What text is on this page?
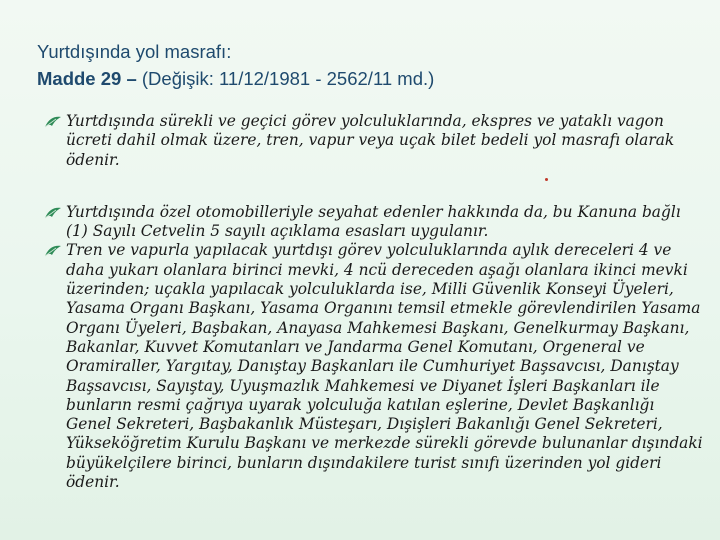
Yurtdışında yol masrafı:
Madde 29 – (Değişik: 11/12/1981 - 2562/11 md.)

Yurtdışında sürekli ve geçici görev yolculuklarında, ekspres ve yataklı vagon ücreti dahil olmak üzere, tren, vapur veya uçak bilet bedeli yol masrafı olarak ödenir.

Yurtdışında özel otomobilleriyle seyahat edenler hakkında da, bu Kanuna bağlı (1) Sayılı Cetvelin 5 sayılı açıklama esasları uygulanır.

Tren ve vapurla yapılacak yurtdışı görev yolculuklarında aylık dereceleri 4 ve daha yukarı olanlara birinci mevki, 4 ncü dereceden aşağı olanlara ikinci mevki üzerinden; uçakla yapılacak yolculuklarda ise, Milli Güvenlik Konseyi Üyeleri, Yasama Organı Başkanı, Yasama Organını temsil etmekle görevlendirilen Yasama Organı Üyeleri, Başbakan, Anayasa Mahkemesi Başkanı, Genelkurmay Başkanı, Bakanlar, Kuvvet Komutanları ve Jandarma Genel Komutanı, Orgeneral ve Oramiraller, Yargıtay, Danıştay Başkanları ile Cumhuriyet Başsavcısı, Danıştay Başsavcısı, Sayıştay, Uyuşmazlık Mahkemesi ve Diyanet İşleri Başkanları ile bunların resmi çağrıya uyarak yolculuğa katılan eşlerine, Devlet Başkanlığı Genel Sekreteri, Başbakanlık Müsteşarı, Dışişleri Bakanlığı Genel Sekreteri, Yükseköğretim Kurulu Başkanı ve merkezde sürekli görevde bulunanlar dışındaki büyükelçilere birinci, bunların dışındakilere turist sınıfı üzerinden yol gideri ödenir.
